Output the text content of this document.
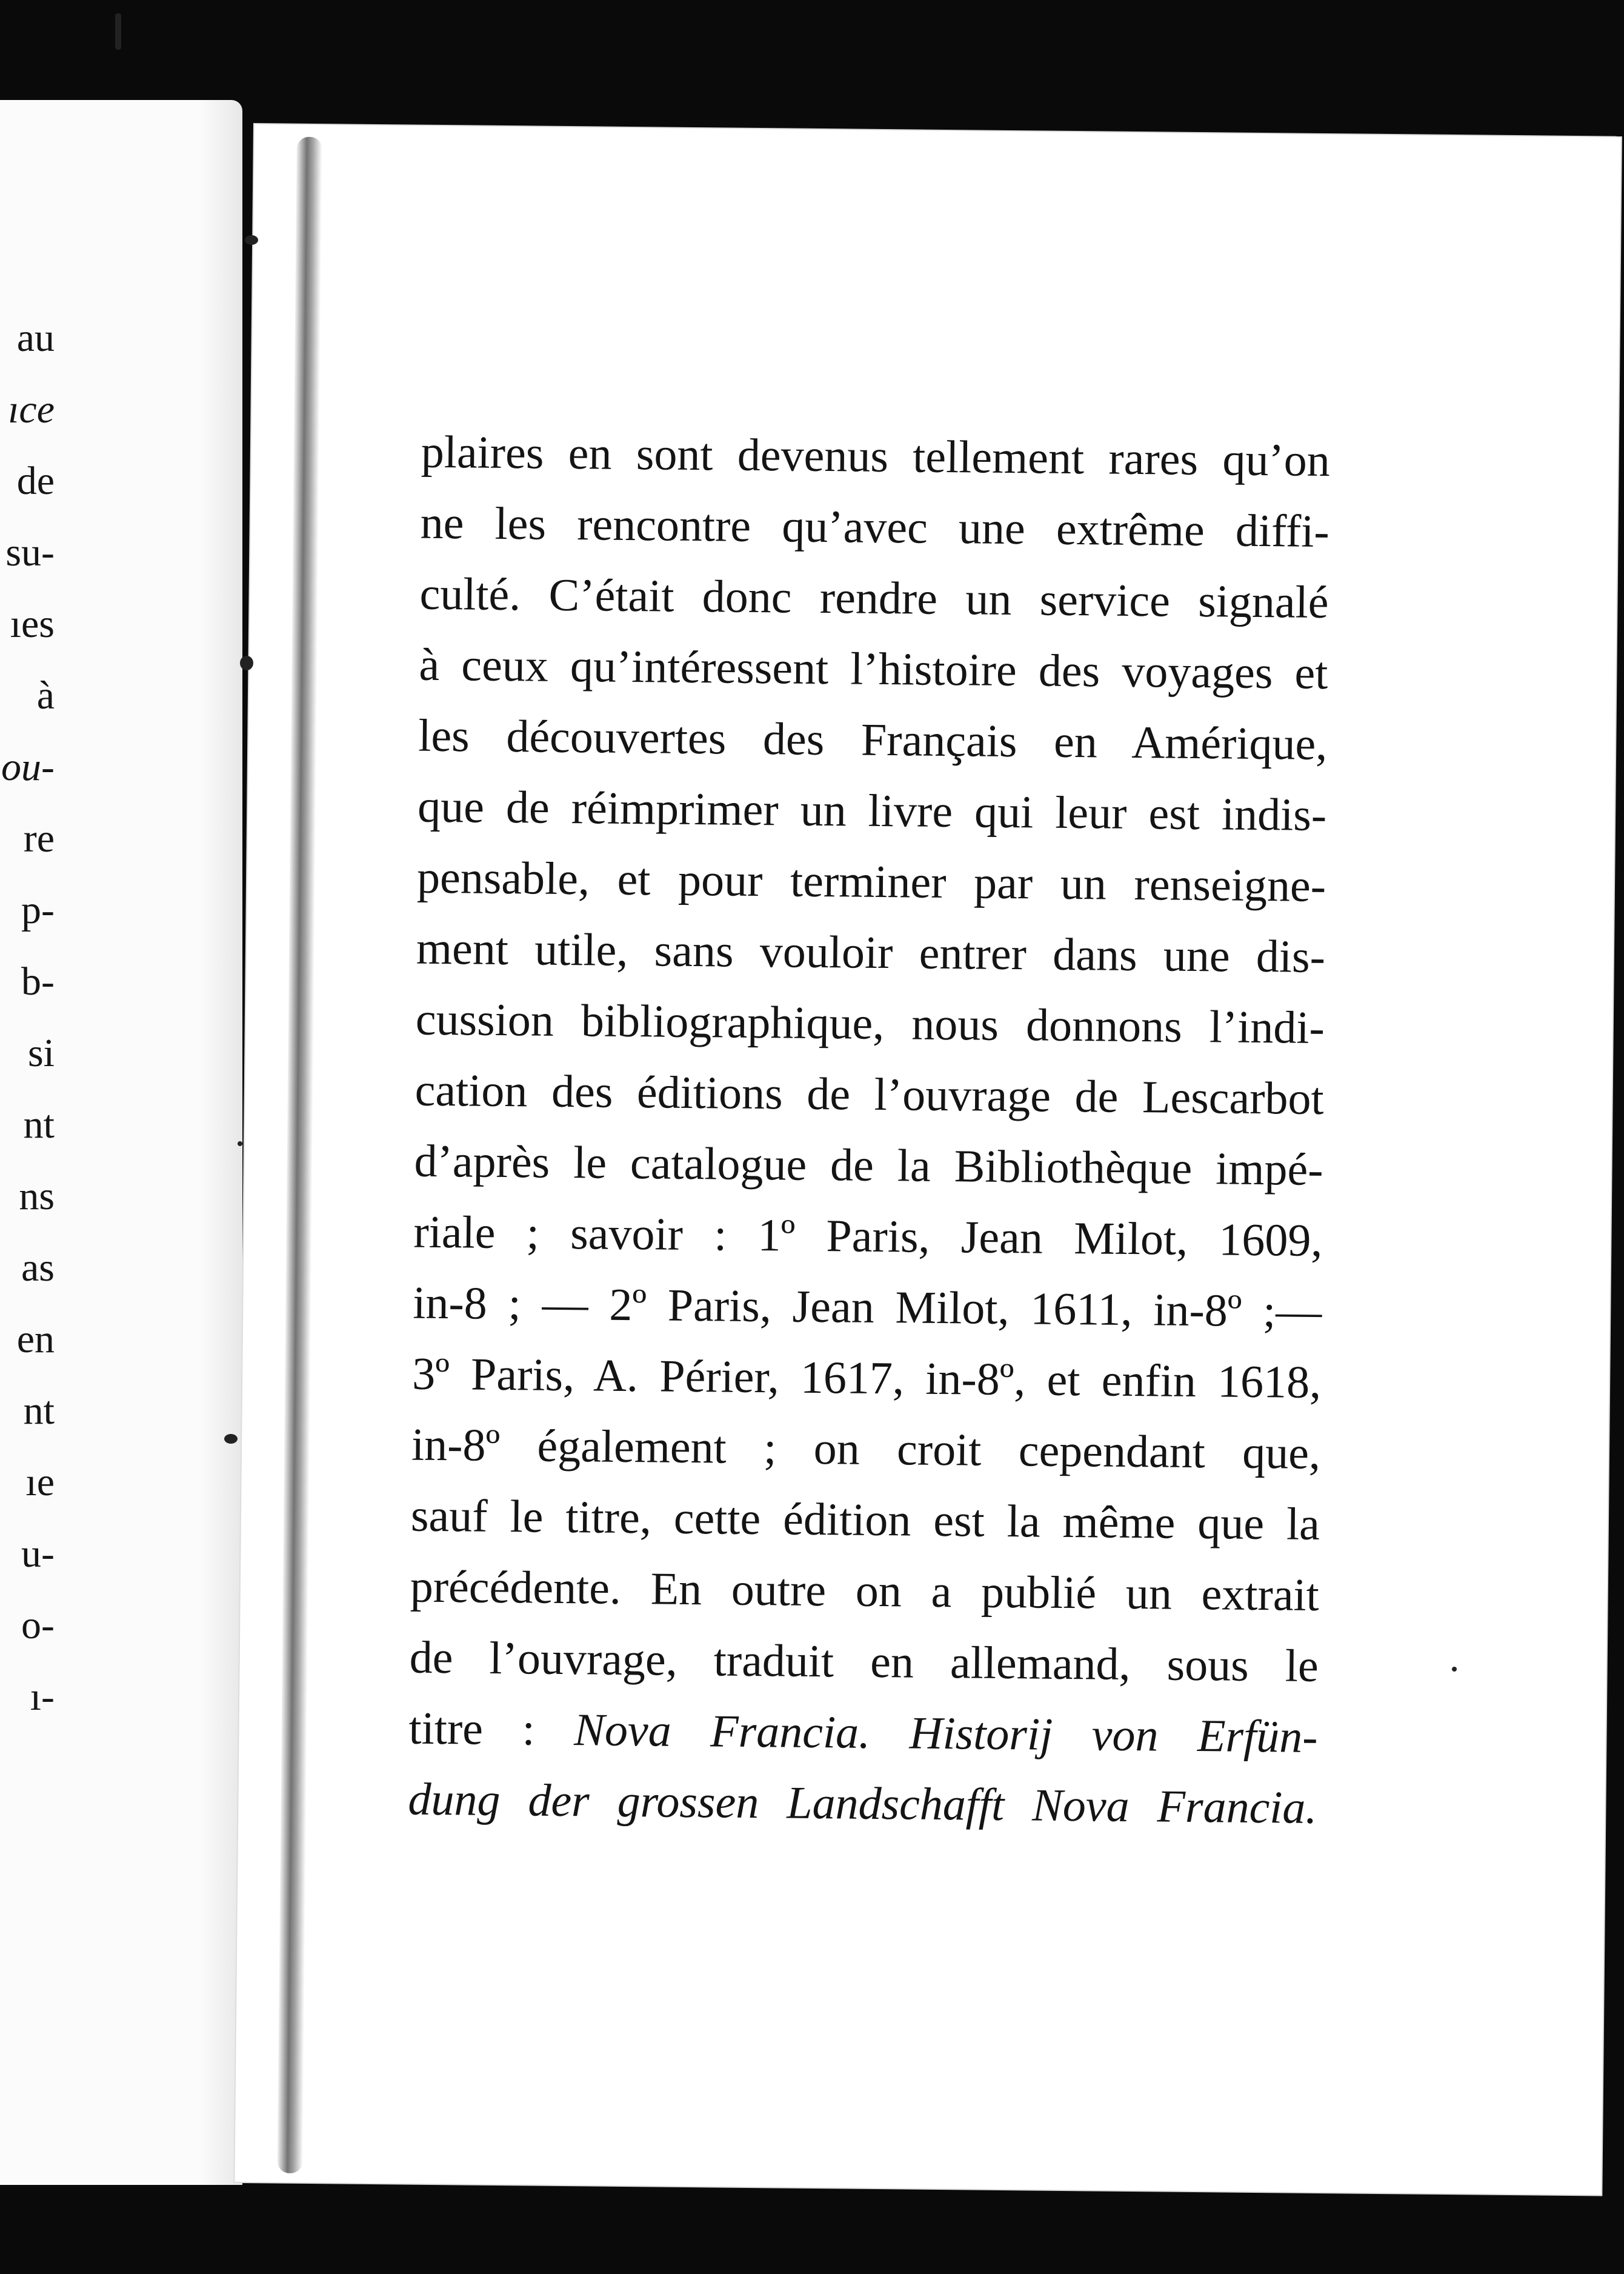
au
ıce
de
su-
ıes
à
ou-
re
p-
b-
si
nt
ns
as
en
nt
ıe
u-
o-
ı-
plaires en sont devenus tellement rares qu’on
ne les rencontre qu’avec une extrême diffi-
culté. C’était donc rendre un service signalé
à ceux qu’intéressent l’histoire des voyages et
les découvertes des Français en Amérique,
que de réimprimer un livre qui leur est indis-
pensable, et pour terminer par un renseigne-
ment utile, sans vouloir entrer dans une dis-
cussion bibliographique, nous donnons l’indi-
cation des éditions de l’ouvrage de Lescarbot
d’après le catalogue de la Bibliothèque impé-
riale ; savoir : 1º Paris, Jean Milot, 1609,
in-8 ; — 2º Paris, Jean Milot, 1611, in-8º ;—
3º Paris, A. Périer, 1617, in-8º, et enfin 1618,
in-8º également ; on croit cependant que,
sauf le titre, cette édition est la même que la
précédente. En outre on a publié un extrait
de l’ouvrage, traduit en allemand, sous le
titre : Nova Francia. Historij von Erfün-
dung der grossen Landschafft Nova Francia.
